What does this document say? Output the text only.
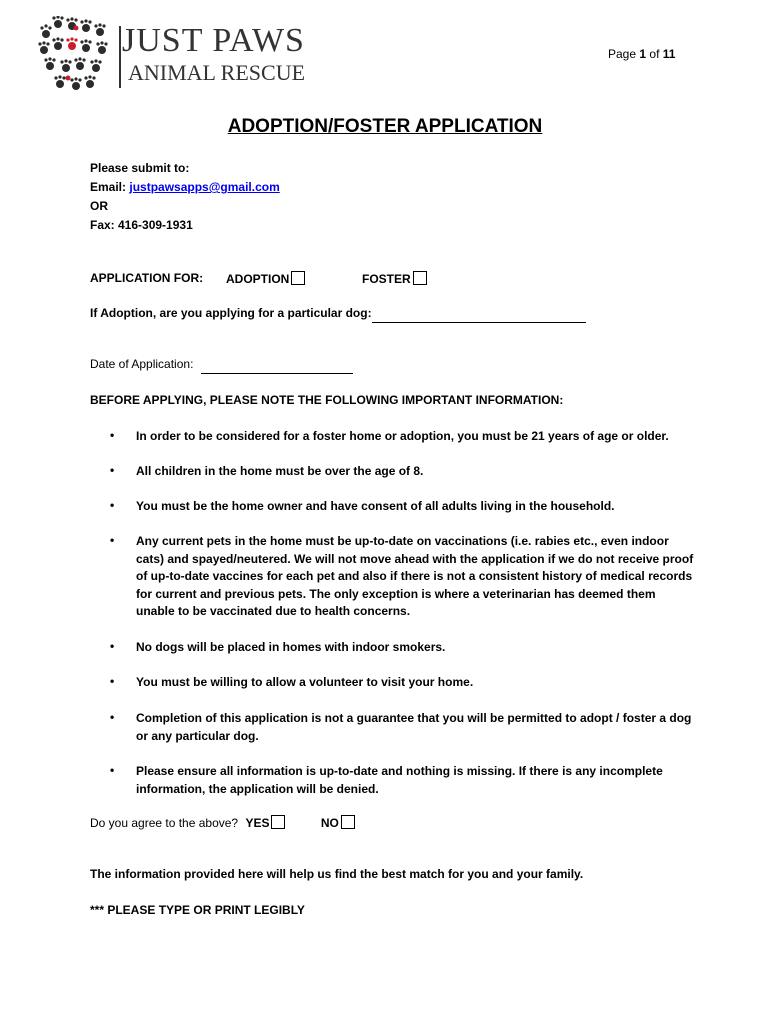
JUST PAWS
ANIMAL RESCUE
Page 1 of 11
ADOPTION/FOSTER APPLICATION
Please submit to:
Email: justpawsapps@gmail.com
OR
Fax: 416-309-1931
APPLICATION FOR: ADOPTION	FOSTER
If Adoption, are you applying for a particular dog:
Date of Application:
BEFORE APPLYING, PLEASE NOTE THE FOLLOWING IMPORTANT INFORMATION:
• In order to be considered for a foster home or adoption, you must be 21 years of age or older.
• All children in the home must be over the age of 8.
• You must be the home owner and have consent of all adults living in the household.
• Any current pets in the home must be up-to-date on vaccinations (i.e. rabies etc., even indoor cats) and spayed/neutered. We will not move ahead with the application if we do not receive proof of up-to-date vaccines for each pet and also if there is not a consistent history of medical records for current and previous pets. The only exception is where a veterinarian has deemed them unable to be vaccinated due to health concerns.
• No dogs will be placed in homes with indoor smokers.
• You must be willing to allow a volunteer to visit your home.
• Completion of this application is not a guarantee that you will be permitted to adopt / foster a dog or any particular dog.
• Please ensure all information is up-to-date and nothing is missing. If there is any incomplete information, the application will be denied.
Do you agree to the above? YES	NO
The information provided here will help us find the best match for you and your family.
*** PLEASE TYPE OR PRINT LEGIBLY
